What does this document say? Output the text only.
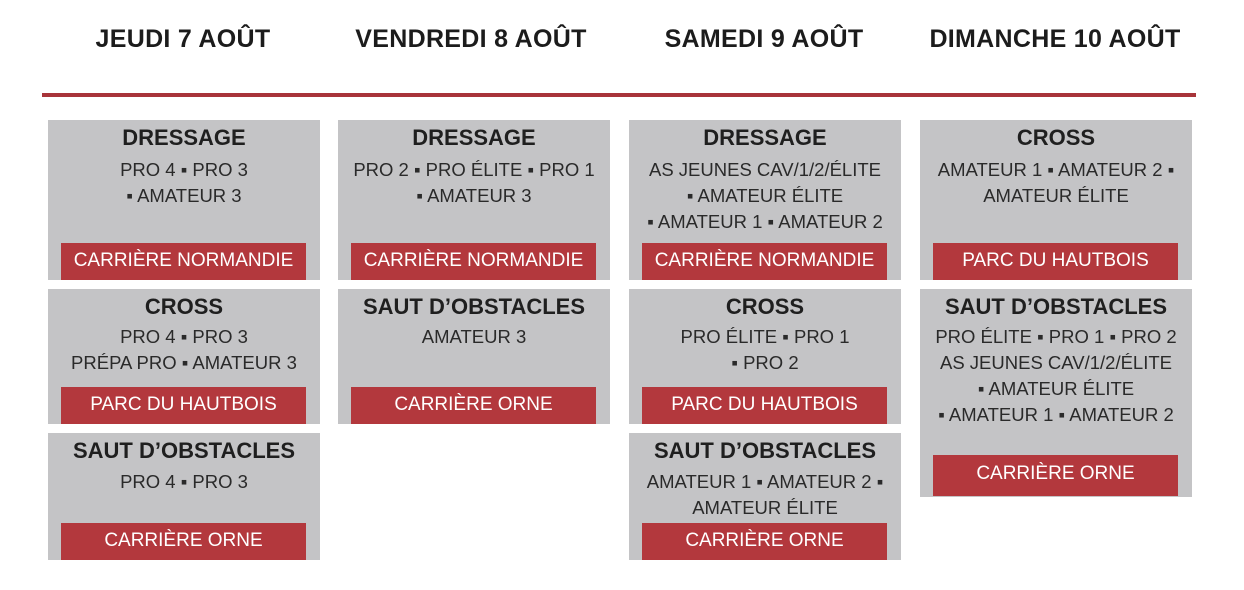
JEUDI 7 AOÛT	VENDREDI 8 AOÛT	SAMEDI 9 AOÛT	DIMANCHE 10 AOÛT
DRESSAGE
PRO 4 ▪ PRO 3
▪ AMATEUR 3
CARRIÈRE NORMANDIE
CROSS
PRO 4 ▪ PRO 3
PRÉPA PRO ▪ AMATEUR 3
PARC DU HAUTBOIS
SAUT D’OBSTACLES
PRO 4 ▪ PRO 3
CARRIÈRE ORNE
DRESSAGE
PRO 2 ▪ PRO ÉLITE ▪ PRO 1
▪ AMATEUR 3
CARRIÈRE NORMANDIE
SAUT D’OBSTACLES
AMATEUR 3
CARRIÈRE ORNE
DRESSAGE
AS JEUNES CAV/1/2/ÉLITE
▪ AMATEUR ÉLITE
▪ AMATEUR 1 ▪ AMATEUR 2
CARRIÈRE NORMANDIE
CROSS
PRO ÉLITE ▪ PRO 1
▪ PRO 2
PARC DU HAUTBOIS
SAUT D’OBSTACLES
AMATEUR 1 ▪ AMATEUR 2 ▪
AMATEUR ÉLITE
CARRIÈRE ORNE
CROSS
AMATEUR 1 ▪ AMATEUR 2 ▪
AMATEUR ÉLITE
PARC DU HAUTBOIS
SAUT D’OBSTACLES
PRO ÉLITE ▪ PRO 1 ▪ PRO 2
AS JEUNES CAV/1/2/ÉLITE
▪ AMATEUR ÉLITE
▪ AMATEUR 1 ▪ AMATEUR 2
CARRIÈRE ORNE
